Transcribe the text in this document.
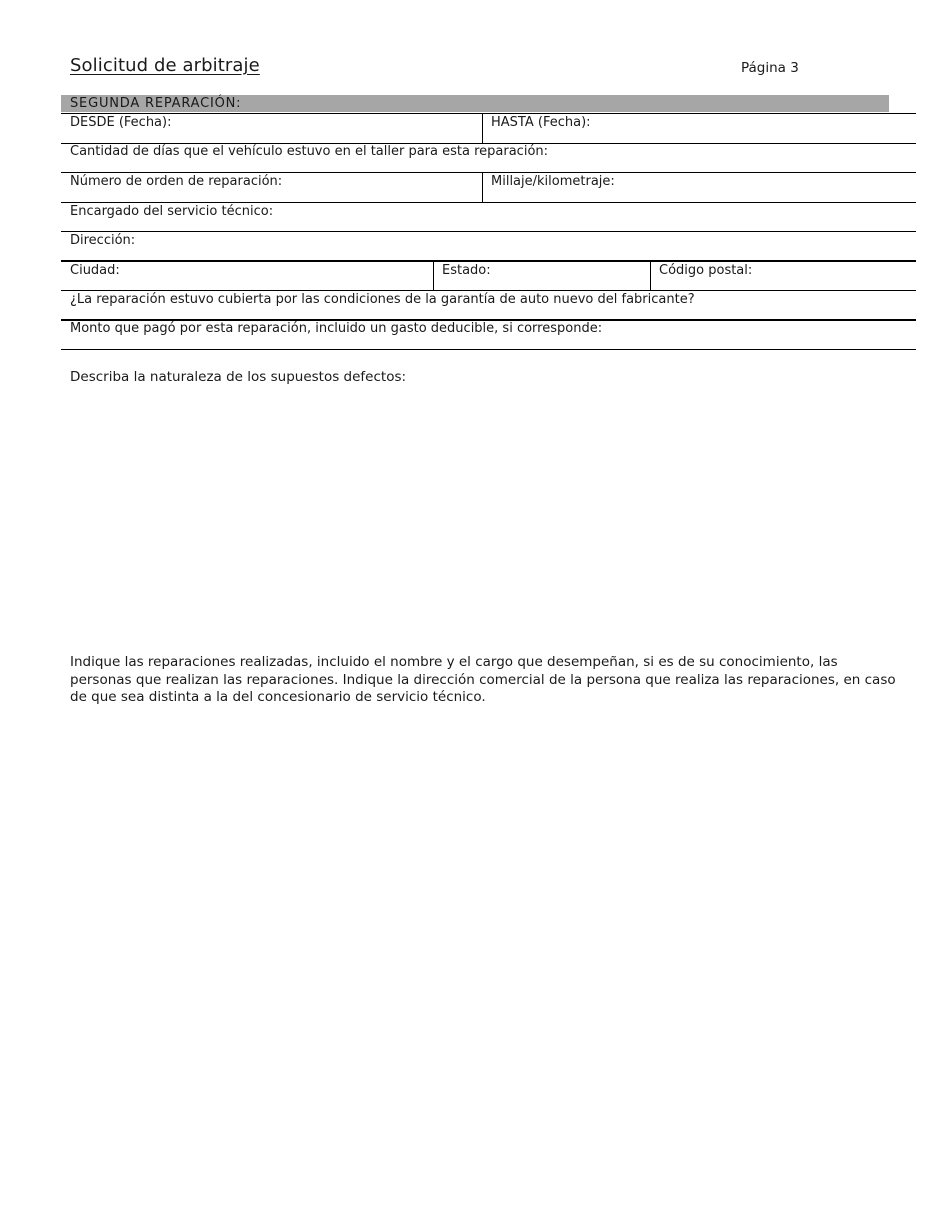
Solicitud de arbitraje	Página 3
SEGUNDA REPARACIÓN:
DESDE (Fecha):	HASTA (Fecha):
Cantidad de días que el vehículo estuvo en el taller para esta reparación:
Número de orden de reparación:	Millaje/kilometraje:
Encargado del servicio técnico:
Dirección:
Ciudad:	Estado:	Código postal:
¿La reparación estuvo cubierta por las condiciones de la garantía de auto nuevo del fabricante?
Monto que pagó por esta reparación, incluido un gasto deducible, si corresponde:
Describa la naturaleza de los supuestos defectos:
Indique las reparaciones realizadas, incluido el nombre y el cargo que desempeñan, si es de su conocimiento, las personas que realizan las reparaciones. Indique la dirección comercial de la persona que realiza las reparaciones, en caso de que sea distinta a la del concesionario de servicio técnico.
